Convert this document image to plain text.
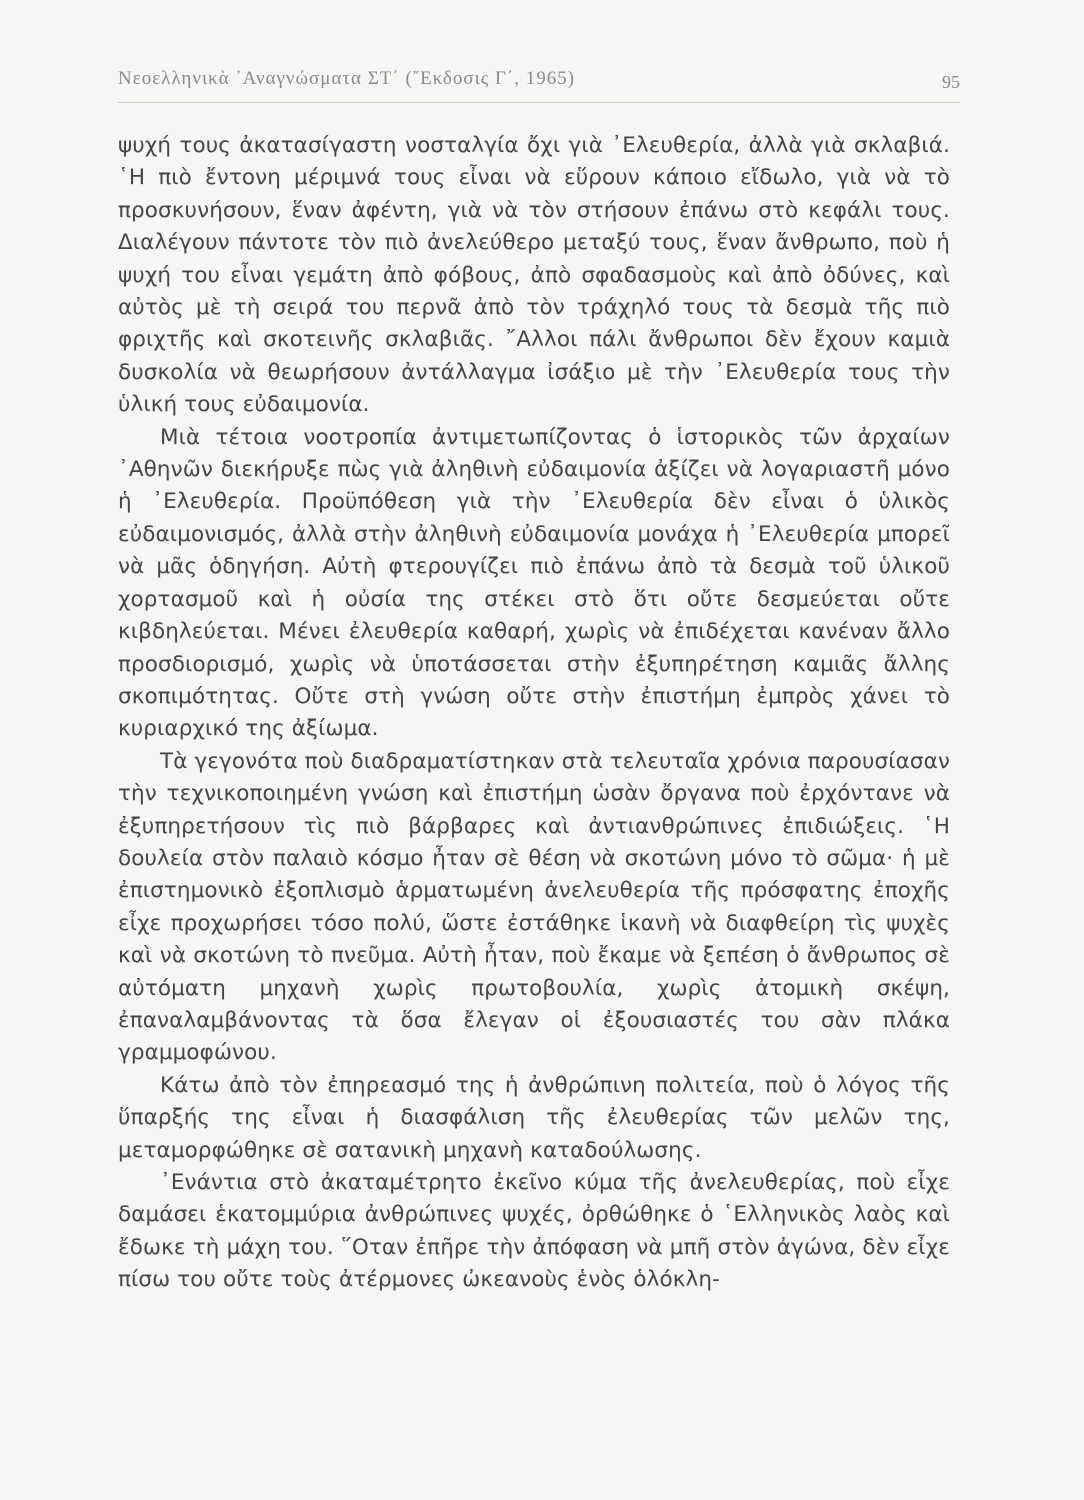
Νεοελληνικὰ ᾿Αναγνώσματα ΣΤ΄ (῎Εκδοσις Γ΄, 1965)	95

ψυχή τους ἀκατασίγαστη νοσταλγία ὄχι γιὰ ᾿Ελευθερία, ἀλλὰ γιὰ σκλαβιά. ῾Η πιὸ ἔντονη μέριμνά τους εἶναι νὰ εὕρουν κάποιο εἴδωλο, γιὰ νὰ τὸ προσκυνήσουν, ἕναν ἀφέντη, γιὰ νὰ τὸν στήσουν ἐπάνω στὸ κεφάλι τους. Διαλέγουν πάντοτε τὸν πιὸ ἀνελεύθερο μεταξύ τους, ἕναν ἄνθρωπο, ποὺ ἡ ψυχή του εἶναι γεμάτη ἀπὸ φόβους, ἀπὸ σφαδασμοὺς καὶ ἀπὸ ὀδύνες, καὶ αὐτὸς μὲ τὴ σειρά του περνᾶ ἀπὸ τὸν τράχηλό τους τὰ δεσμὰ τῆς πιὸ φριχτῆς καὶ σκοτεινῆς σκλαβιᾶς. ῎Αλλοι πάλι ἄνθρωποι δὲν ἔχουν καμιὰ δυσκολία νὰ θεωρήσουν ἀντάλλαγμα ἰσάξιο μὲ τὴν ᾿Ελευθερία τους τὴν ὑλική τους εὐδαιμονία.

Μιὰ τέτοια νοοτροπία ἀντιμετωπίζοντας ὁ ἱστορικὸς τῶν ἀρχαίων ᾿Αθηνῶν διεκήρυξε πὼς γιὰ ἀληθινὴ εὐδαιμονία ἀξίζει νὰ λογαριαστῆ μόνο ἡ ᾿Ελευθερία. Προϋπόθεση γιὰ τὴν ᾿Ελευθερία δὲν εἶναι ὁ ὑλικὸς εὐδαιμονισμός, ἀλλὰ στὴν ἀληθινὴ εὐδαιμονία μονάχα ἡ ᾿Ελευθερία μπορεῖ νὰ μᾶς ὁδηγήση. Αὐτὴ φτερουγίζει πιὸ ἐπάνω ἀπὸ τὰ δεσμὰ τοῦ ὑλικοῦ χορτασμοῦ καὶ ἡ οὐσία της στέκει στὸ ὅτι οὔτε δεσμεύεται οὔτε κιβδηλεύεται. Μένει ἐλευθερία καθαρή, χωρὶς νὰ ἐπιδέχεται κανέναν ἄλλο προσδιορισμό, χωρὶς νὰ ὑποτάσσεται στὴν ἐξυπηρέτηση καμιᾶς ἄλλης σκοπιμότητας. Οὔτε στὴ γνώση οὔτε στὴν ἐπιστήμη ἐμπρὸς χάνει τὸ κυριαρχικό της ἀξίωμα.

Τὰ γεγονότα ποὺ διαδραματίστηκαν στὰ τελευταῖα χρόνια παρουσίασαν τὴν τεχνικοποιημένη γνώση καὶ ἐπιστήμη ὡσὰν ὄργανα ποὺ ἐρχόντανε νὰ ἐξυπηρετήσουν τὶς πιὸ βάρβαρες καὶ ἀντιανθρώπινες ἐπιδιώξεις. ῾Η δουλεία στὸν παλαιὸ κόσμο ἦταν σὲ θέση νὰ σκοτώνη μόνο τὸ σῶμα· ἡ μὲ ἐπιστημονικὸ ἐξοπλισμὸ ἁρματωμένη ἀνελευθερία τῆς πρόσφατης ἐποχῆς εἶχε προχωρήσει τόσο πολύ, ὥστε ἐστάθηκε ἱκανὴ νὰ διαφθείρη τὶς ψυχὲς καὶ νὰ σκοτώνη τὸ πνεῦμα. Αὐτὴ ἦταν, ποὺ ἔκαμε νὰ ξεπέση ὁ ἄνθρωπος σὲ αὐτόματη μηχανὴ χωρὶς πρωτοβουλία, χωρὶς ἀτομικὴ σκέψη, ἐπαναλαμβάνοντας τὰ ὅσα ἔλεγαν οἱ ἐξουσιαστές του σὰν πλάκα γραμμοφώνου.

Κάτω ἀπὸ τὸν ἐπηρεασμό της ἡ ἀνθρώπινη πολιτεία, ποὺ ὁ λόγος τῆς ὕπαρξής της εἶναι ἡ διασφάλιση τῆς ἐλευθερίας τῶν μελῶν της, μεταμορφώθηκε σὲ σατανικὴ μηχανὴ καταδούλωσης.

᾿Ενάντια στὸ ἀκαταμέτρητο ἐκεῖνο κύμα τῆς ἀνελευθερίας, ποὺ εἶχε δαμάσει ἑκατομμύρια ἀνθρώπινες ψυχές, ὀρθώθηκε ὁ ῾Ελληνικὸς λαὸς καὶ ἔδωκε τὴ μάχη του. ῞Οταν ἐπῆρε τὴν ἀπόφαση νὰ μπῆ στὸν ἀγώνα, δὲν εἶχε πίσω του οὔτε τοὺς ἀτέρμονες ὠκεανοὺς ἑνὸς ὁλόκλη-
